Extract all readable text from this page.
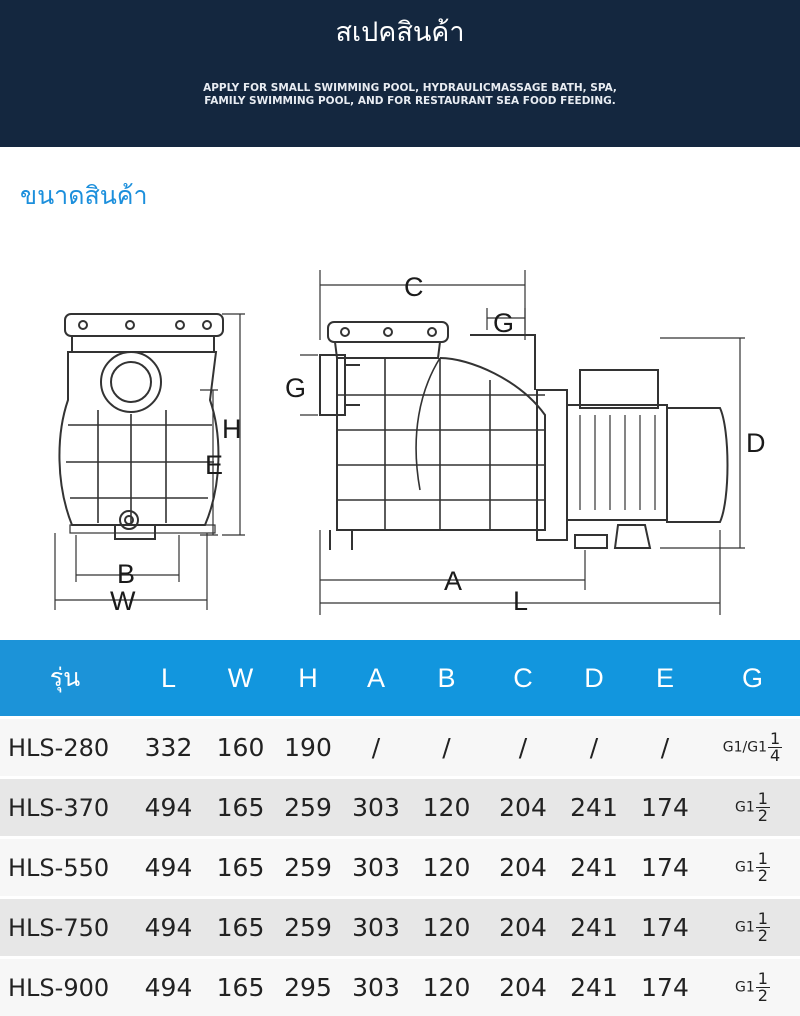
สเปคสินค้า
APPLY FOR SMALL SWIMMING POOL, HYDRAULICMASSAGE BATH, SPA, FAMILY SWIMMING POOL, AND FOR RESTAURANT SEA FOOD FEEDING.
ขนาดสินค้า
C
G
G
H
E
B
W
D
A
L
รุ่น	L	W	H	A	B	C	D	E	G
HLS-280	332	160	190	/	/	/	/	/	$G1/G1 \frac{1}{4}$

HLS-370	494	165	259	303	120	204	241	174	$G1 \frac{1}{2}$

HLS-550	494	165	259	303	120	204	241	174	$G1 \frac{1}{2}$

HLS-750	494	165	259	303	120	204	241	174	$G1 \frac{1}{2}$

HLS-900	494	165	295	303	120	204	241	174	$G1 \frac{1}{2}$
